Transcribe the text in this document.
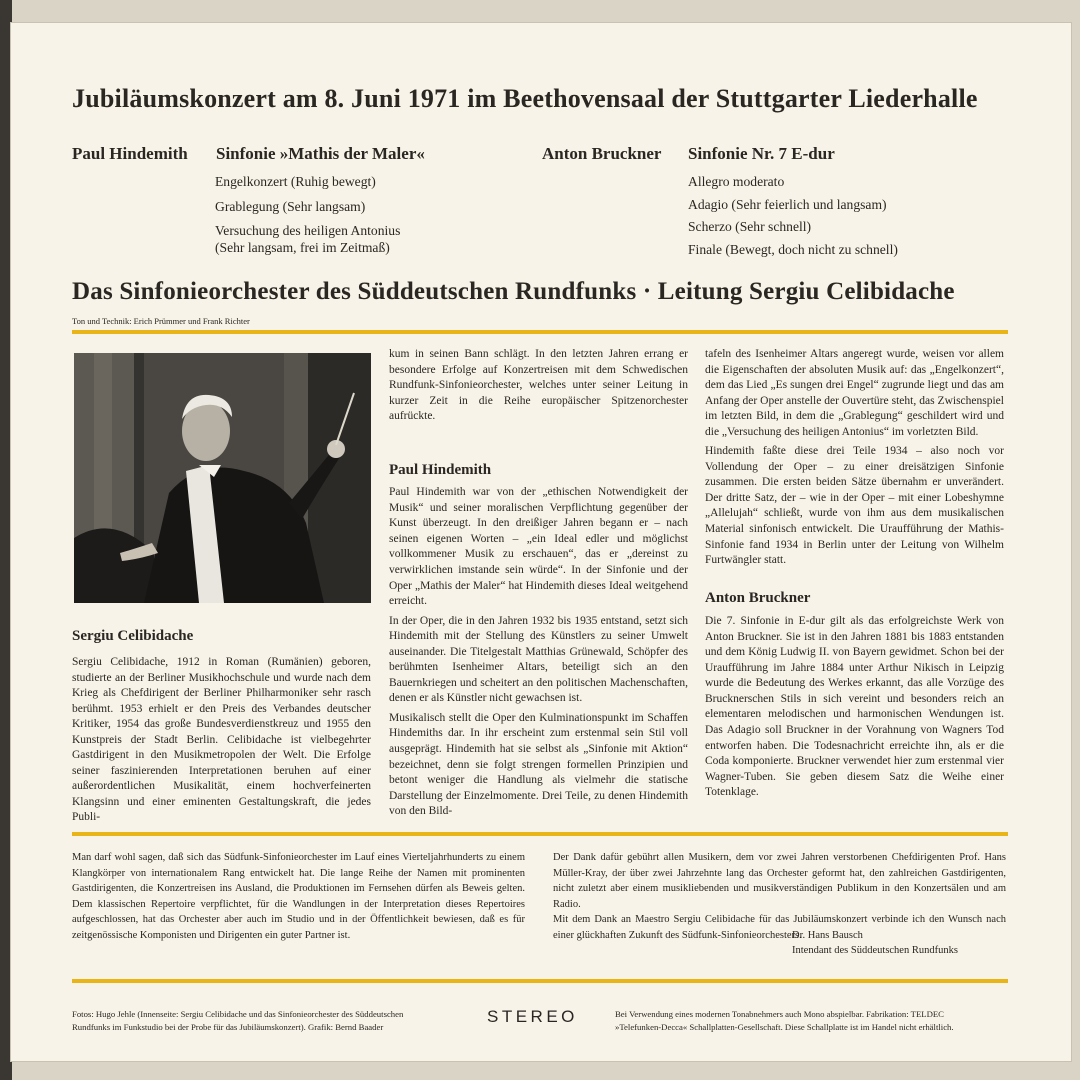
Jubiläumskonzert am 8. Juni 1971 im Beethovensaal der Stuttgarter Liederhalle
Paul Hindemith Sinfonie »Mathis der Maler«
Engelkonzert (Ruhig bewegt)
Grablegung (Sehr langsam)
Versuchung des heiligen Antonius
(Sehr langsam, frei im Zeitmaß)
Anton Bruckner Sinfonie Nr. 7 E-dur
Allegro moderato
Adagio (Sehr feierlich und langsam)
Scherzo (Sehr schnell)
Finale (Bewegt, doch nicht zu schnell)
Das Sinfonieorchester des Süddeutschen Rundfunks · Leitung Sergiu Celibidache
Ton und Technik: Erich Prümmer und Frank Richter
Sergiu Celibidache

Sergiu Celibidache, 1912 in Roman (Rumänien) geboren, studierte an der Berliner Musikhochschule und wurde nach dem Krieg als Chefdirigent der Berliner Philharmoniker sehr rasch berühmt. 1953 erhielt er den Preis des Verbandes deutscher Kritiker, 1954 das große Bundesverdienstkreuz und 1955 den Kunstpreis der Stadt Berlin. Celibidache ist vielbegehrter Gastdirigent in den Musikmetropolen der Welt. Die Erfolge seiner faszinierenden Interpretationen beruhen auf einer außerordentlichen Musikalität, einem hochverfeinerten Klangsinn und einer eminenten Gestaltungskraft, die jedes Publi-

kum in seinen Bann schlägt. In den letzten Jahren errang er besondere Erfolge auf Konzertreisen mit dem Schwedischen Rundfunk-Sinfonieorchester, welches unter seiner Leitung in kurzer Zeit in die Reihe europäischer Spitzenorchester aufrückte.

Paul Hindemith

Paul Hindemith war von der „ethischen Notwendigkeit der Musik“ und seiner moralischen Verpflichtung gegenüber der Kunst überzeugt. In den dreißiger Jahren begann er – nach seinen eigenen Worten – „ein Ideal edler und möglichst vollkommener Musik zu erschauen“, das er „dereinst zu verwirklichen imstande sein würde“. In der Sinfonie und der Oper „Mathis der Maler“ hat Hindemith dieses Ideal weitgehend erreicht.

In der Oper, die in den Jahren 1932 bis 1935 entstand, setzt sich Hindemith mit der Stellung des Künstlers zu seiner Umwelt auseinander. Die Titelgestalt Matthias Grünewald, Schöpfer des berühmten Isenheimer Altars, beteiligt sich an den Bauernkriegen und scheitert an den politischen Machenschaften, denen er als Künstler nicht gewachsen ist.

Musikalisch stellt die Oper den Kulminationspunkt im Schaffen Hindemiths dar. In ihr erscheint zum erstenmal sein Stil voll ausgeprägt. Hindemith hat sie selbst als „Sinfonie mit Aktion“ bezeichnet, denn sie folgt strengen formellen Prinzipien und betont weniger die Handlung als vielmehr die statische Darstellung der Einzelmomente. Drei Teile, zu denen Hindemith von den Bild-

tafeln des Isenheimer Altars angeregt wurde, weisen vor allem die Eigenschaften der absoluten Musik auf: das „Engelkonzert“, dem das Lied „Es sungen drei Engel“ zugrunde liegt und das am Anfang der Oper anstelle der Ouvertüre steht, das Zwischenspiel im letzten Bild, in dem die „Grablegung“ geschildert wird und die „Versuchung des heiligen Antonius“ im vorletzten Bild.

Hindemith faßte diese drei Teile 1934 – also noch vor Vollendung der Oper – zu einer dreisätzigen Sinfonie zusammen. Die ersten beiden Sätze übernahm er unverändert. Der dritte Satz, der – wie in der Oper – mit einer Lobeshymne „Allelujah“ schließt, wurde von ihm aus dem musikalischen Material sinfonisch entwickelt. Die Uraufführung der Mathis-Sinfonie fand 1934 in Berlin unter der Leitung von Wilhelm Furtwängler statt.

Anton Bruckner

Die 7. Sinfonie in E-dur gilt als das erfolgreichste Werk von Anton Bruckner. Sie ist in den Jahren 1881 bis 1883 entstanden und dem König Ludwig II. von Bayern gewidmet. Schon bei der Uraufführung im Jahre 1884 unter Arthur Nikisch in Leipzig wurde die Bedeutung des Werkes erkannt, das alle Vorzüge des Brucknerschen Stils in sich vereint und besonders reich an elementaren melodischen und harmonischen Wendungen ist. Das Adagio soll Bruckner in der Vorahnung von Wagners Tod entworfen haben. Die Todesnachricht erreichte ihn, als er die Coda komponierte. Bruckner verwendet hier zum erstenmal vier Wagner-Tuben. Sie geben diesem Satz die Weihe einer Totenklage.

Man darf wohl sagen, daß sich das Südfunk-Sinfonieorchester im Lauf eines Vierteljahrhunderts zu einem Klangkörper von internationalem Rang entwickelt hat. Die lange Reihe der Namen mit prominenten Gastdirigenten, die Konzertreisen ins Ausland, die Produktionen im Fernsehen dürfen als Beweis gelten. Dem klassischen Repertoire verpflichtet, für die Wandlungen in der Interpretation dieses Repertoires aufgeschlossen, hat das Orchester aber auch im Studio und in der Öffentlichkeit bewiesen, daß es für zeitgenössische Komponisten und Dirigenten ein guter Partner ist.
Der Dank dafür gebührt allen Musikern, dem vor zwei Jahren verstorbenen Chefdirigenten Prof. Hans Müller-Kray, der über zwei Jahrzehnte lang das Orchester geformt hat, den zahlreichen Gastdirigenten, nicht zuletzt aber einem musikliebenden und musikverständigen Publikum in den Konzertsälen und am Radio.
Mit dem Dank an Maestro Sergiu Celibidache für das Jubiläumskonzert verbinde ich den Wunsch nach einer glückhaften Zukunft des Südfunk-Sinfonieorchesters.
Dr. Hans Bausch
Intendant des Süddeutschen Rundfunks
Fotos: Hugo Jehle (Innenseite: Sergiu Celibidache und das Sinfonieorchester des Süddeutschen
Rundfunks im Funkstudio bei der Probe für das Jubiläumskonzert). Grafik: Bernd Baader
STEREO	Bei Verwendung eines modernen Tonabnehmers auch Mono abspielbar. Fabrikation: TELDEC
»Telefunken-Decca« Schallplatten-Gesellschaft. Diese Schallplatte ist im Handel nicht erhältlich.
